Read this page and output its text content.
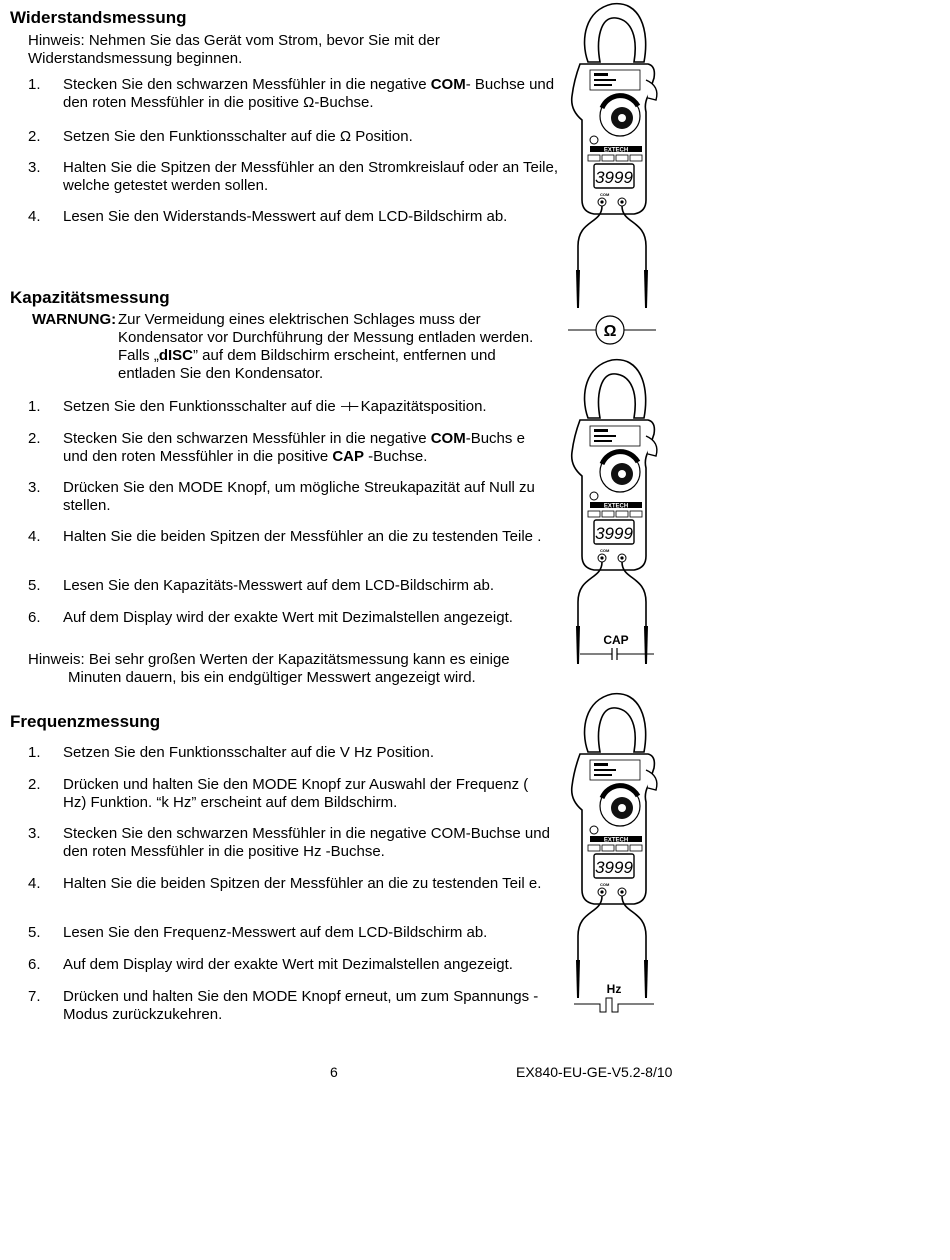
Widerstandsmessung
Hinweis: Nehmen Sie das Gerät vom Strom, bevor Sie mit der Widerstandsmessung beginnen.
1.	Stecken Sie den schwarzen Messfühler in die negative COM- Buchse und den roten Messfühler in die positive Ω-Buchse.
2.	Setzen Sie den Funktionsschalter auf die Ω Position.
3.	Halten Sie die Spitzen der Messfühler an den Stromkreislauf oder an Teile, welche getestet werden sollen.
4.	Lesen Sie den Widerstands-Messwert auf dem LCD-Bildschirm ab.
Kapazitätsmessung
WARNUNG: Zur Vermeidung eines elektrischen Schlages muss der Kondensator vor Durchführung der Messung entladen werden. Falls „dISC” auf dem Bildschirm erscheint, entfernen und entladen Sie den Kondensator.
1.	Setzen Sie den Funktionsschalter auf die ⊣⊢ Kapazitätsposition.
2.	Stecken Sie den schwarzen Messfühler in die negative COM-Buchs e und den roten Messfühler in die positive CAP -Buchse.
3.	Drücken Sie den MODE Knopf, um mögliche Streukapazität auf Null zu stellen.
4.	Halten Sie die beiden Spitzen der Messfühler an die zu testenden Teile .
5.	Lesen Sie den Kapazitäts-Messwert auf dem LCD-Bildschirm ab.
6.	Auf dem Display wird der exakte Wert mit Dezimalstellen angezeigt.
Hinweis: Bei sehr großen Werten der Kapazitätsmessung kann es einige
Minuten dauern, bis ein endgültiger Messwert angezeigt wird.
Frequenzmessung
1.	Setzen Sie den Funktionsschalter auf die V Hz Position.
2.	Drücken und halten Sie den MODE Knopf zur Auswahl der Frequenz ( Hz) Funktion. “k Hz” erscheint auf dem Bildschirm.
3.	Stecken Sie den schwarzen Messfühler in die negative COM-Buchse und den roten Messfühler in die positive Hz -Buchse.
4.	Halten Sie die beiden Spitzen der Messfühler an die zu testenden Teil e.
5.	Lesen Sie den Frequenz-Messwert auf dem LCD-Bildschirm ab.
6.	Auf dem Display wird der exakte Wert mit Dezimalstellen angezeigt.
7.	Drücken und halten Sie den MODE Knopf erneut, um zum Spannungs -Modus zurückzukehren.
Ω
CAP
Hz
6	EX840-EU-GE-V5.2-8/10
